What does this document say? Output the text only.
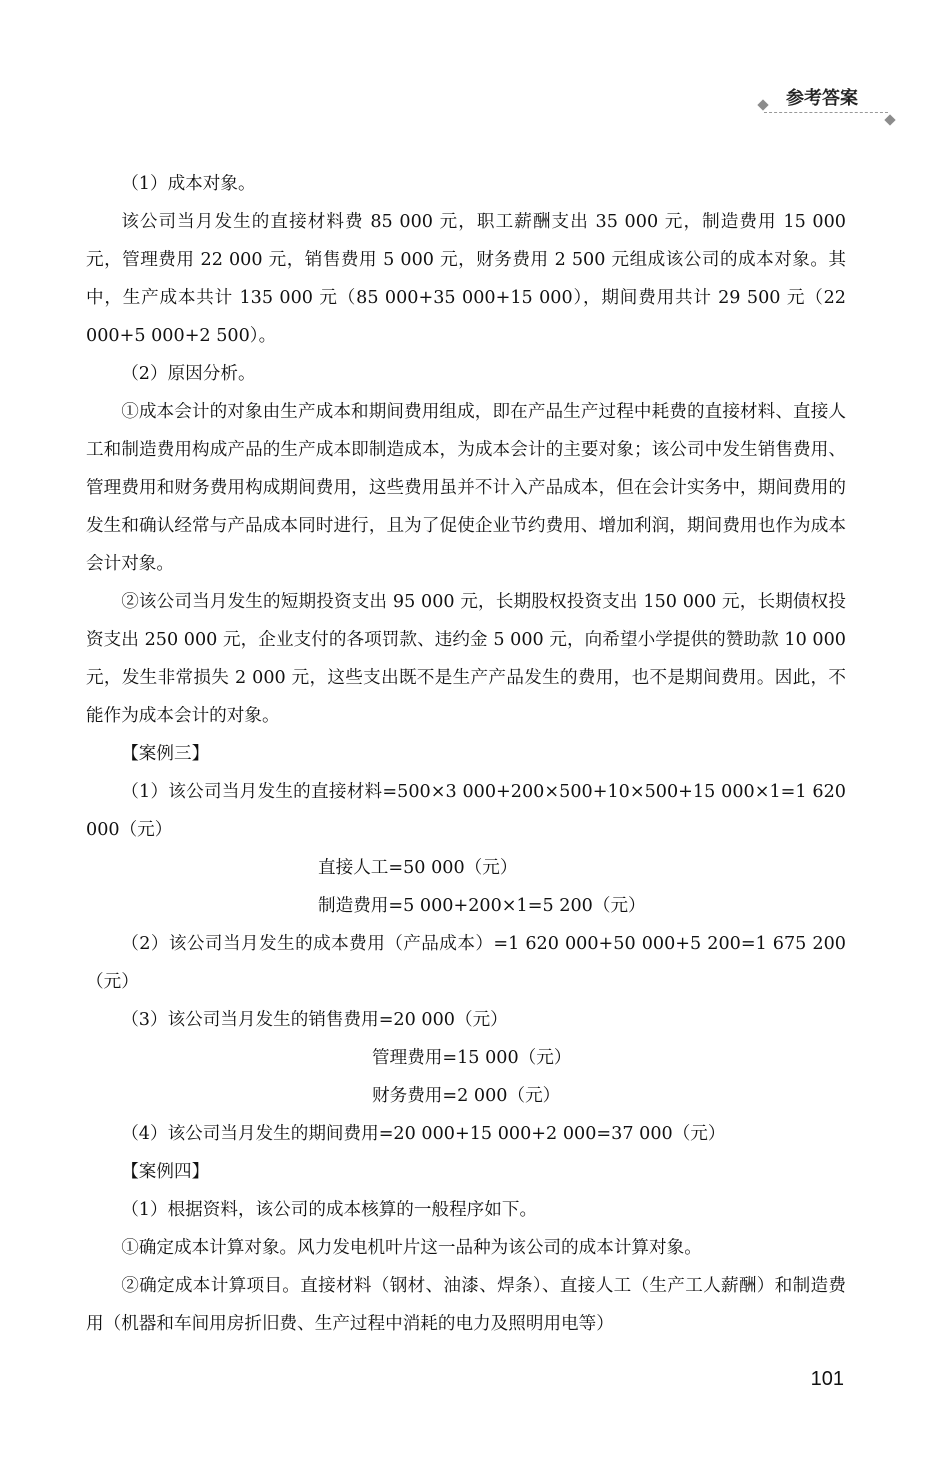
参考答案

（1）成本对象。

该公司当月发生的直接材料费 85 000 元，职工薪酬支出 35 000 元，制造费用 15 000 元，管理费用 22 000 元，销售费用 5 000 元，财务费用 2 500 元组成该公司的成本对象。其中，生产成本共计 135 000 元（85 000+35 000+15 000），期间费用共计 29 500 元（22 000+5 000+2 500）。

（2）原因分析。

①成本会计的对象由生产成本和期间费用组成，即在产品生产过程中耗费的直接材料、直接人工和制造费用构成产品的生产成本即制造成本，为成本会计的主要对象；该公司中发生销售费用、管理费用和财务费用构成期间费用，这些费用虽并不计入产品成本，但在会计实务中，期间费用的发生和确认经常与产品成本同时进行，且为了促使企业节约费用、增加利润，期间费用也作为成本会计对象。

②该公司当月发生的短期投资支出 95 000 元，长期股权投资支出 150 000 元，长期债权投资支出 250 000 元，企业支付的各项罚款、违约金 5 000 元，向希望小学提供的赞助款 10 000 元，发生非常损失 2 000 元，这些支出既不是生产产品发生的费用，也不是期间费用。因此，不能作为成本会计的对象。

【案例三】

（1）该公司当月发生的直接材料=500×3 000+200×500+10×500+15 000×1=1 620 000（元）

直接人工=50 000（元）

制造费用=5 000+200×1=5 200（元）

（2）该公司当月发生的成本费用（产品成本）=1 620 000+50 000+5 200=1 675 200（元）

（3）该公司当月发生的销售费用=20 000（元）

管理费用=15 000（元）

财务费用=2 000（元）

（4）该公司当月发生的期间费用=20 000+15 000+2 000=37 000（元）

【案例四】

（1）根据资料，该公司的成本核算的一般程序如下。

①确定成本计算对象。风力发电机叶片这一品种为该公司的成本计算对象。

②确定成本计算项目。直接材料（钢材、油漆、焊条）、直接人工（生产工人薪酬）和制造费用（机器和车间用房折旧费、生产过程中消耗的电力及照明用电等）

101
